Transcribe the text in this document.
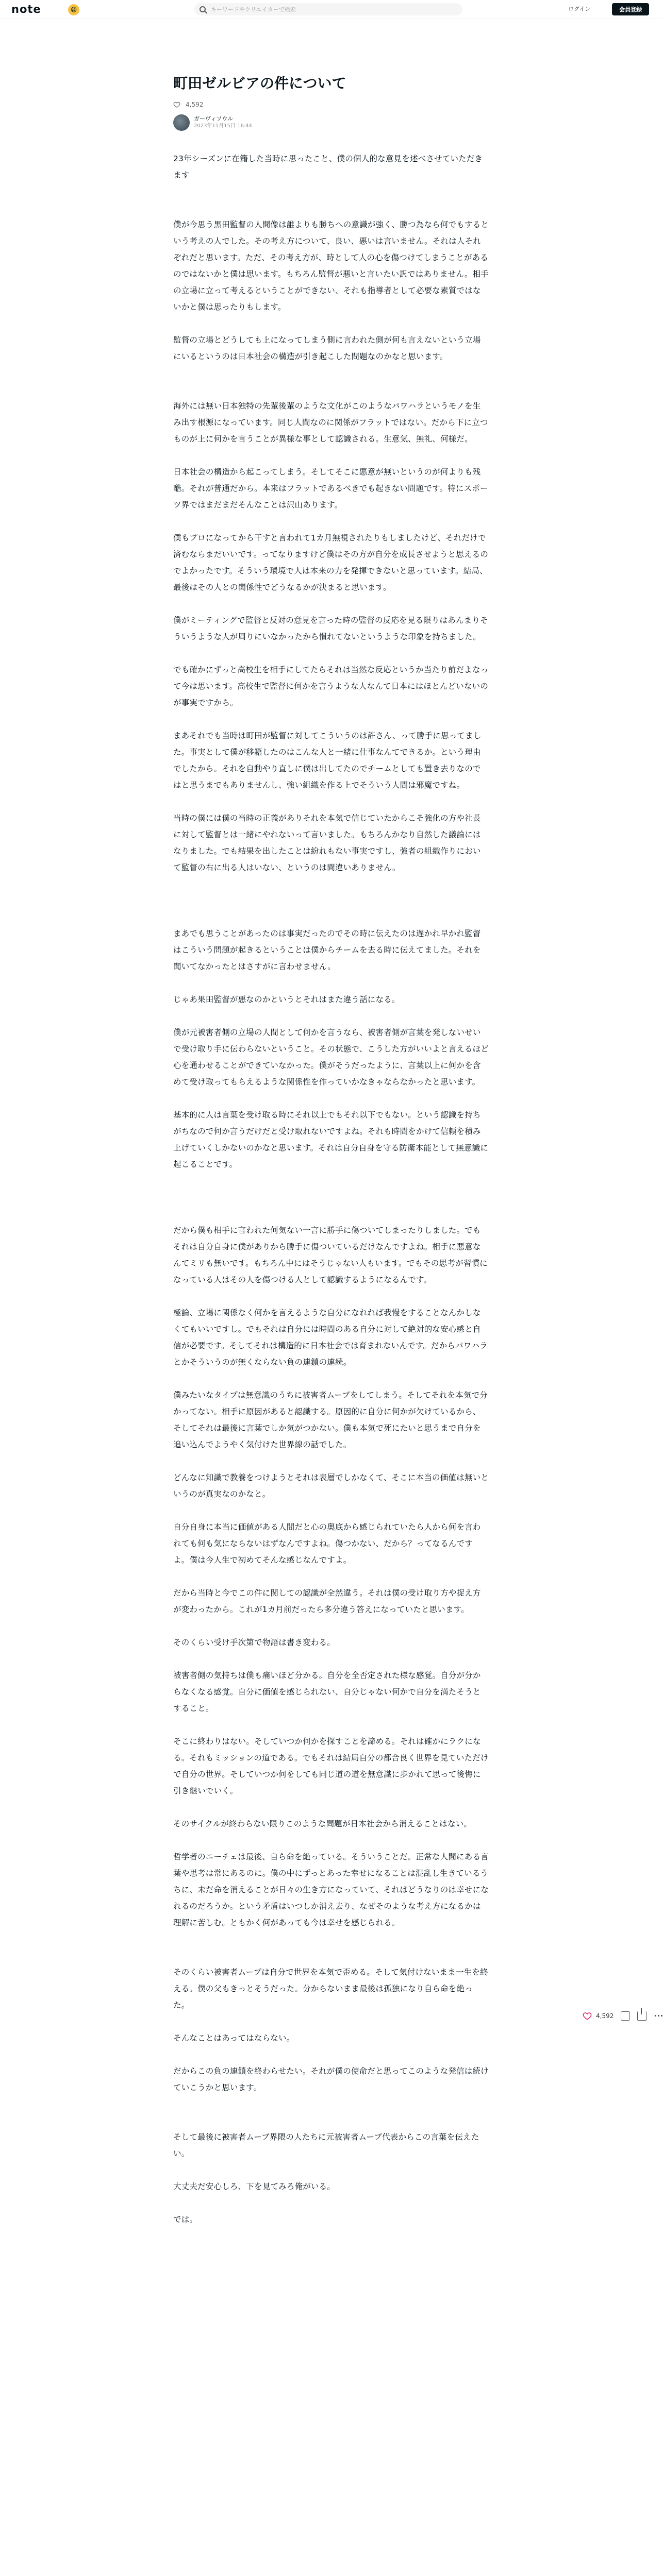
note	😀
キーワードやクリエイターで検索	ログイン	会員登録
町田ゼルビアの件について
4,592
ガーヴィソウル
2023年11月15日 16:44

23年シーズンに在籍した当時に思ったこと、僕の個人的な意見を述べさせていただきます

僕が今思う黒田監督の人間像は誰よりも勝ちへの意識が強く、勝つ為なら何でもするという考えの人でした。その考え方について、良い、悪いは言いません。それは人それぞれだと思います。ただ、その考え方が、時として人の心を傷つけてしまうことがあるのではないかと僕は思います。もちろん監督が悪いと言いたい訳ではありません。相手の立場に立って考えるということができない、それも指導者として必要な素質ではないかと僕は思ったりもします。

監督の立場とどうしても上になってしまう側に言われた側が何も言えないという立場にいるというのは日本社会の構造が引き起こした問題なのかなと思います。

海外には無い日本独特の先輩後輩のような文化がこのようなパワハラというモノを生み出す根源になっています。同じ人間なのに関係がフラットではない。だから下に立つものが上に何かを言うことが異様な事として認識される。生意気、無礼、何様だ。

日本社会の構造から起こってしまう。そしてそこに悪意が無いというのが何よりも残酷。それが普通だから。本来はフラットであるべきでも起きない問題です。特にスポーツ界ではまだまだそんなことは沢山あります。

僕もプロになってから干すと言われて1カ月無視されたりもしましたけど、それだけで済むならまだいいです。ってなりますけど僕はその方が自分を成長させようと思えるのでよかったです。そういう環境で人は本来の力を発揮できないと思っています。結局、最後はその人との関係性でどうなるかが決まると思います。

僕がミーティングで監督と反対の意見を言った時の監督の反応を見る限りはあんまりそういうような人が周りにいなかったから慣れてないというような印象を持ちました。

でも確かにずっと高校生を相手にしてたらそれは当然な反応というか当たり前だよなって今は思います。高校生で監督に何かを言うような人なんて日本にはほとんどいないのが事実ですから。

まあそれでも当時は町田が監督に対してこういうのは許さん、って勝手に思ってました。事実として僕が移籍したのはこんな人と一緒に仕事なんてできるか。という理由でしたから。それを自動やり直しに僕は出してたのでチームとしても置き去りなのではと思うまでもありませんし、強い組織を作る上でそういう人間は邪魔ですね。

当時の僕には僕の当時の正義がありそれを本気で信じていたからこそ強化の方や社長に対して監督とは一緒にやれないって言いました。もちろんかなり自然した議論にはなりました。でも結果を出したことは紛れもない事実ですし、強者の組織作りにおいて監督の右に出る人はいない、というのは間違いありません。

まあでも思うことがあったのは事実だったのでその時に伝えたのは遅かれ早かれ監督はこういう問題が起きるということは僕からチームを去る時に伝えてました。それを聞いてなかったとはさすがに言わせません。

じゃあ果田監督が悪なのかというとそれはまた違う話になる。

僕が元被害者側の立場の人間として何かを言うなら、被害者側が言葉を発しないせいで受け取り手に伝わらないということ。その状態で、こうした方がいいよと言えるほど心を通わせることができていなかった。僕がそうだったように、言葉以上に何かを含めて受け取ってもらえるような関係性を作っていかなきゃならなかったと思います。

基本的に人は言葉を受け取る時にそれ以上でもそれ以下でもない。という認識を持ちがちなので何か言うだけだと受け取れないですよね。それも時間をかけて信頼を積み上げていくしかないのかなと思います。それは自分自身を守る防衛本能として無意識に起こることです。

だから僕も相手に言われた何気ない一言に勝手に傷ついてしまったりしました。でもそれは自分自身に僕がありから勝手に傷ついているだけなんですよね。相手に悪意なんてミリも無いです。もちろん中にはそうじゃない人もいます。でもその思考が習慣になっている人はその人を傷つける人として認識するようになるんです。

極論、立場に関係なく何かを言えるような自分になれれば我慢をすることなんかしなくてもいいですし。でもそれは自分には時間のある自分に対して絶対的な安心感と自信が必要です。そしてそれは構造的に日本社会では育まれないんです。だからパワハラとかそういうのが無くならない負の連鎖の連続。

僕みたいなタイプは無意識のうちに被害者ムーブをしてしまう。そしてそれを本気で分かってない。相手に原因があると認識する。原因的に自分に何かが欠けているから、そしてそれは最後に言葉でしか気がつかない。僕も本気で死にたいと思うまで自分を追い込んでようやく気付けた世界線の話でした。

どんなに知識で教養をつけようとそれは表層でしかなくて、そこに本当の価値は無いというのが真実なのかなと。

自分自身に本当に価値がある人間だと心の奥底から感じられていたら人から何を言われても何も気にならないはずなんですよね。傷つかない、だから？ってなるんですよ。僕は今人生で初めてそんな感じなんですよ。

だから当時と今でこの件に関しての認識が全然違う。それは僕の受け取り方や捉え方が変わったから。これが1カ月前だったら多分違う答えになっていたと思います。

そのくらい受け手次第で物語は書き変わる。

被害者側の気持ちは僕も痛いほど分かる。自分を全否定された様な感覚。自分が分からなくなる感覚。自分に価値を感じられない、自分じゃない何かで自分を満たそうとすること。

そこに終わりはない。そしていつか何かを探すことを諦める。それは確かにラクになる。それもミッションの道である。でもそれは結局自分の都合良く世界を見ていただけで自分の世界。そしていつか何をしても同じ道の道を無意識に歩かれて思って後悔に引き継いでいく。

そのサイクルが終わらない限りこのような問題が日本社会から消えることはない。

哲学者のニーチェは最後、自ら命を絶っている。そういうことだ。正常な人間にある言葉や思考は常にあるのに。僕の中にずっとあった幸せになることは混乱し生きているうちに、未だ命を消えることが日々の生き方になっていて、それはどうなりのは幸せになれるのだろうか。という矛盾はいつしか消え去り、なぜそのような考え方になるかは理解に苦しむ。ともかく何があっても今は幸せを感じられる。

そのくらい被害者ムーブは自分で世界を本気で歪める。そして気付けないまま一生を終える。僕の父もきっとそうだった。分からないまま最後は孤独になり自ら命を絶った。

そんなことはあってはならない。

だからこの負の連鎖を終わらせたい。それが僕の使命だと思ってこのような発信は続けていこうかと思います。

そして最後に被害者ムーブ界隈の人たちに元被害者ムーブ代表からこの言葉を伝えたい。

大丈夫だ安心しろ、下を見てみろ俺がいる。

では。

4,592	···
